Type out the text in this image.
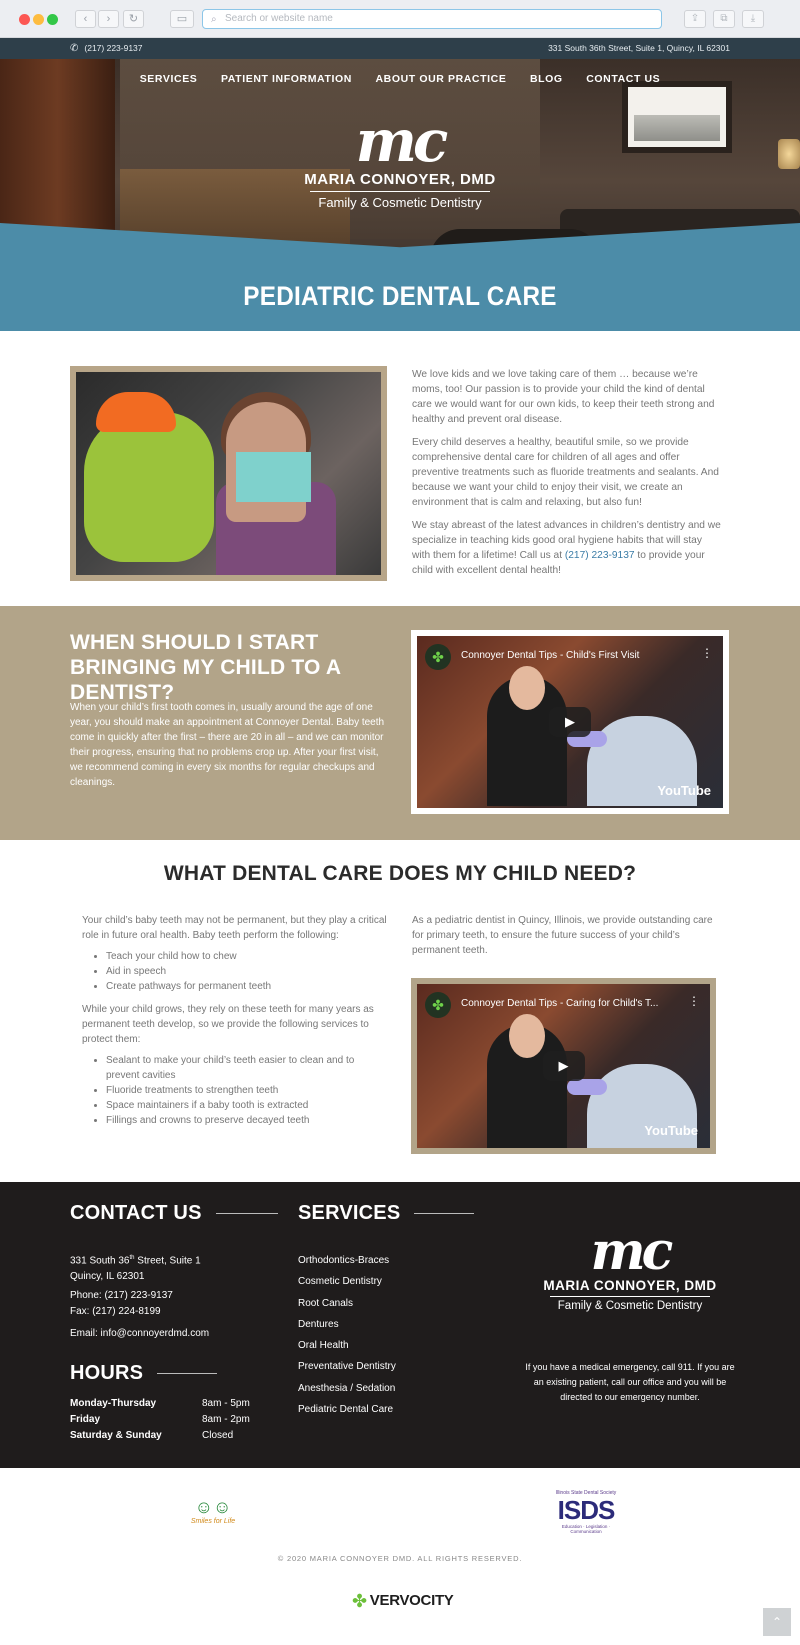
‹	›	↻	▭	⌕ Search or website name	⇪	⧉	⤓
✆ (217) 223-9137	331 South 36th Street, Suite 1, Quincy, IL 62301
SERVICES PATIENT INFORMATION ABOUT OUR PRACTICE BLOG CONTACT US
mc
MARIA CONNOYER, DMD
Family & Cosmetic Dentistry
PEDIATRIC DENTAL CARE

We love kids and we love taking care of them … because we’re moms, too! Our passion is to provide your child the kind of dental care we would want for our own kids, to keep their teeth strong and healthy and prevent oral disease.

Every child deserves a healthy, beautiful smile, so we provide comprehensive dental care for children of all ages and offer preventive treatments such as fluoride treatments and sealants. And because we want your child to enjoy their visit, we create an environment that is calm and relaxing, but also fun!

We stay abreast of the latest advances in children’s dentistry and we specialize in teaching kids good oral hygiene habits that will stay with them for a lifetime! Call us at (217) 223-9137 to provide your child with excellent dental health!

WHEN SHOULD I START BRINGING MY CHILD TO A DENTIST?
When your child’s first tooth comes in, usually around the age of one year, you should make an appointment at Connoyer Dental. Baby teeth come in quickly after the first – there are 20 in all – and we can monitor their progress, ensuring that no problems crop up. After your first visit, we recommend coming in every six months for regular checkups and cleanings.
✤	Connoyer Dental Tips - Child's First Visit	⋮
▶
YouTube
WHAT DENTAL CARE DOES MY CHILD NEED?

Your child’s baby teeth may not be permanent, but they play a critical role in future oral health. Baby teeth perform the following:

• Teach your child how to chew
• Aid in speech
• Create pathways for permanent teeth

While your child grows, they rely on these teeth for many years as permanent teeth develop, so we provide the following services to protect them:

• Sealant to make your child’s teeth easier to clean and to prevent cavities
• Fluoride treatments to strengthen teeth
• Space maintainers if a baby tooth is extracted
• Fillings and crowns to preserve decayed teeth
As a pediatric dentist in Quincy, Illinois, we provide outstanding care for primary teeth, to ensure the future success of your child’s permanent teeth.
✤	Connoyer Dental Tips - Caring for Child's T... ⋮
▶
YouTube
CONTACT US
331 South 36th Street, Suite 1
Quincy, IL 62301
Phone: (217) 223-9137
Fax: (217) 224-8199
Email: info@connoyerdmd.com
HOURS
Monday-Thursday	8am - 5pm
Friday	8am - 2pm
Saturday & Sunday	Closed
SERVICES
Orthodontics-Braces
Cosmetic Dentistry
Root Canals
Dentures
Oral Health
Preventative Dentistry
Anesthesia / Sedation
Pediatric Dental Care
mc
MARIA CONNOYER, DMD
Family & Cosmetic Dentistry
If you have a medical emergency, call 911. If you are an existing patient, call our office and you will be directed to our emergency number.
☺☺
Smiles for Life
Illinois State Dental Society
ISDS
Education · Legislation · Communication
© 2020 MARIA CONNOYER DMD. ALL RIGHTS RESERVED.
✤ VERVOCITY
⌃
